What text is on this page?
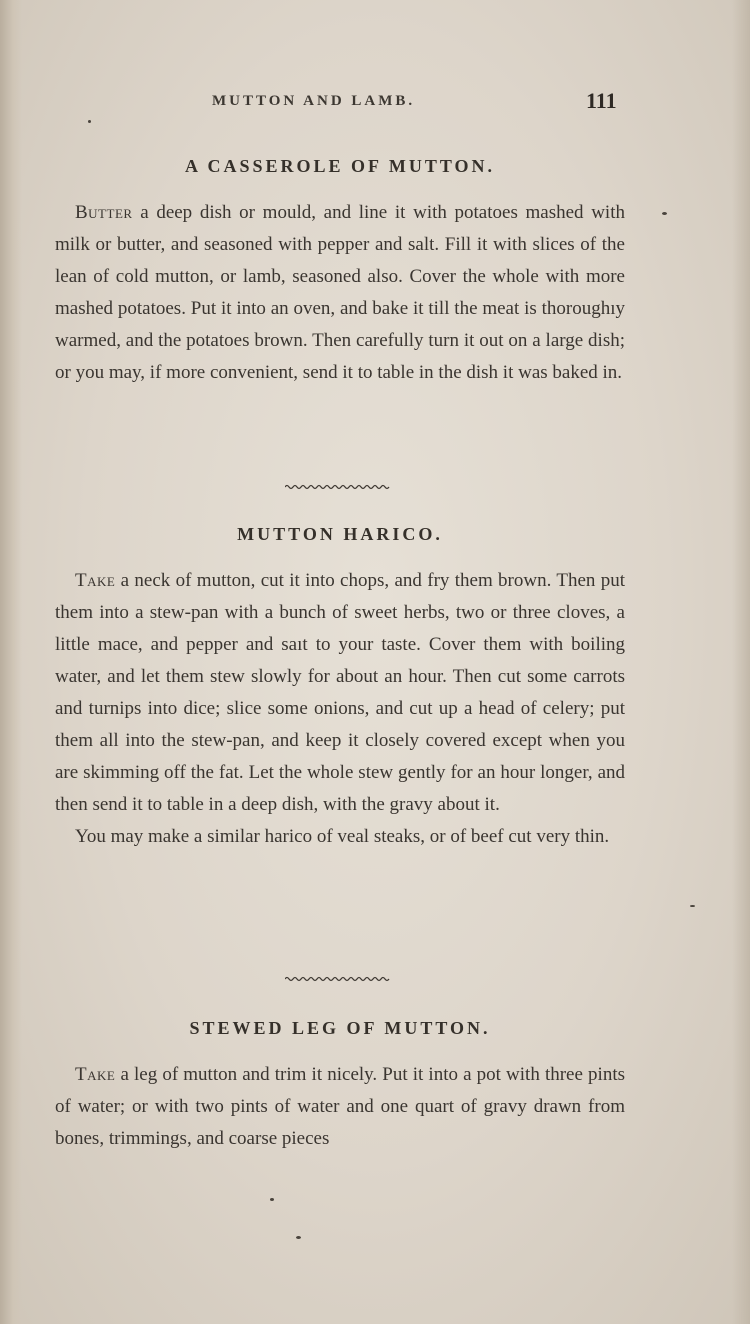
MUTTON AND LAMB.	111
A CASSEROLE OF MUTTON.

Butter a deep dish or mould, and line it with potatoes mashed with milk or butter, and seasoned with pepper and salt. Fill it with slices of the lean of cold mutton, or lamb, seasoned also. Cover the whole with more mashed potatoes. Put it into an oven, and bake it till the meat is thoroughıy warmed, and the potatoes brown. Then carefully turn it out on a large dish; or you may, if more convenient, send it to table in the dish it was baked in.

MUTTON HARICO.

Take a neck of mutton, cut it into chops, and fry them brown. Then put them into a stew-pan with a bunch of sweet herbs, two or three cloves, a little mace, and pepper and saıt to your taste. Cover them with boiling water, and let them stew slowly for about an hour. Then cut some carrots and turnips into dice; slice some onions, and cut up a head of celery; put them all into the stew-pan, and keep it closely covered except when you are skimming off the fat. Let the whole stew gently for an hour longer, and then send it to table in a deep dish, with the gravy about it.

You may make a similar harico of veal steaks, or of beef cut very thin.

STEWED LEG OF MUTTON.

Take a leg of mutton and trim it nicely. Put it into a pot with three pints of water; or with two pints of water and one quart of gravy drawn from bones, trimmings, and coarse pieces
